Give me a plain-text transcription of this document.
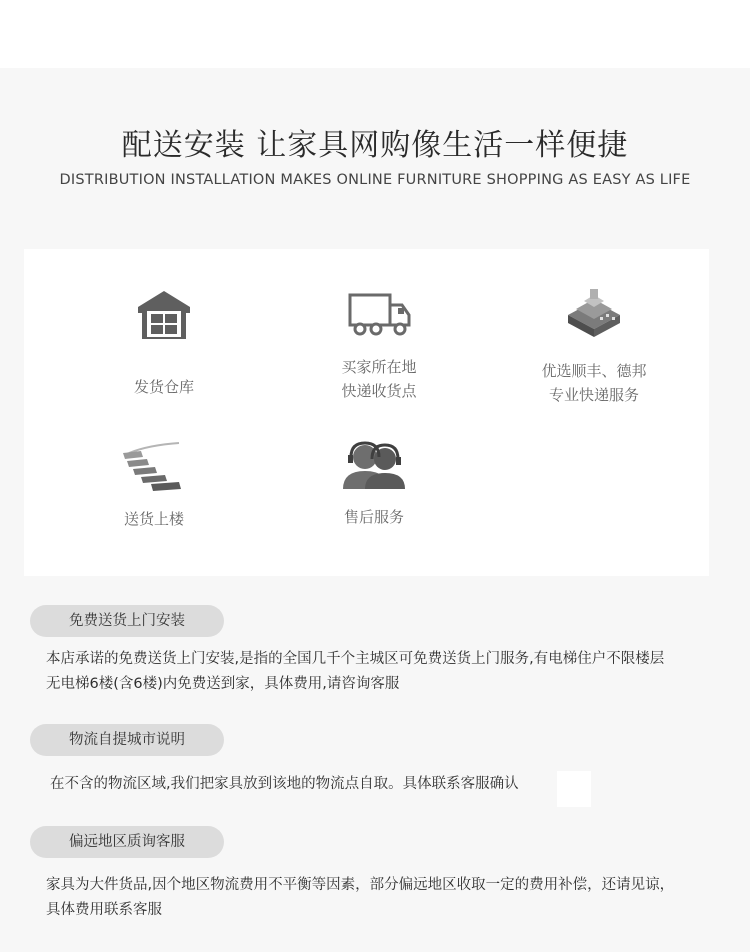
配送安装 让家具网购像生活一样便捷
DISTRIBUTION INSTALLATION MAKES ONLINE FURNITURE SHOPPING AS EASY AS LIFE
发货仓库
买家所在地
快递收货点
优选顺丰、德邦
专业快递服务
送货上楼	售后服务
免费送货上门安装
本店承诺的免费送货上门安装,是指的全国几千个主城区可免费送货上门服务,有电梯住户不限楼层
无电梯6楼(含6楼)内免费送到家，具体费用,请咨询客服
物流自提城市说明
在不含的物流区域,我们把家具放到该地的物流点自取。具体联系客服确认
偏远地区质询客服
家具为大件货品,因个地区物流费用不平衡等因素，部分偏远地区收取一定的费用补偿，还请见谅，
具体费用联系客服
